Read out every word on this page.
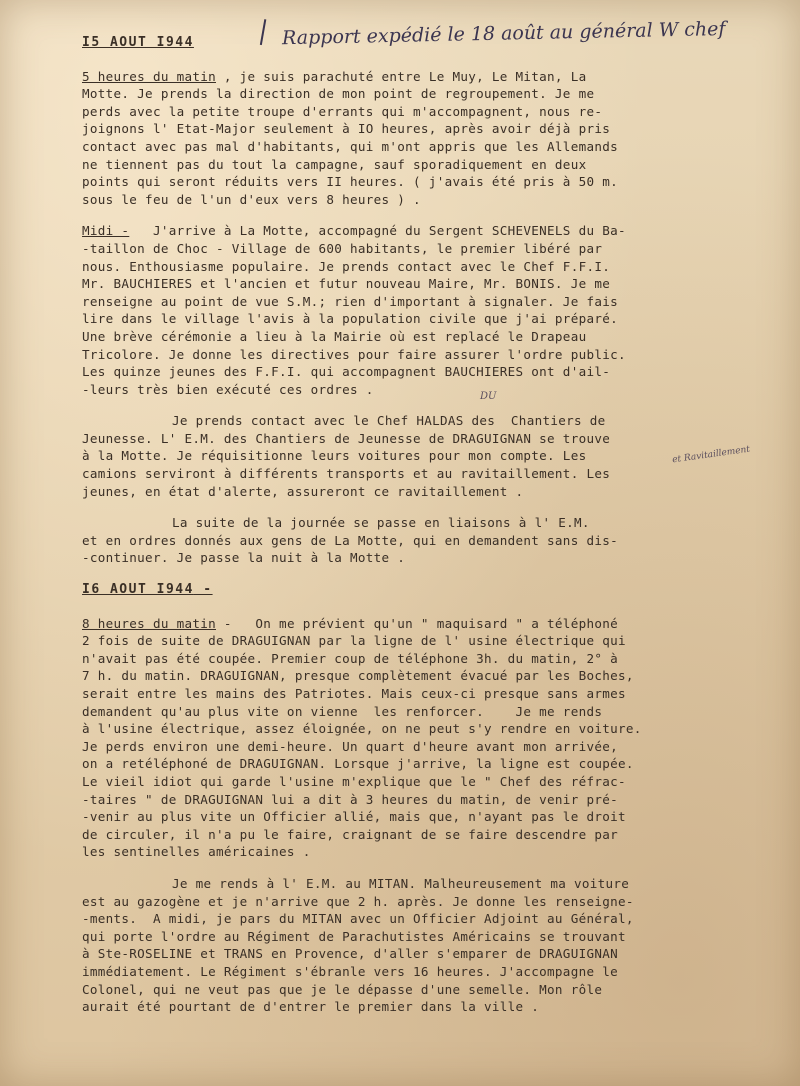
Rapport expédié le 18 août au général W chef
DU
et Ravitaillement
I5 AOUT I944
5 heures du matin , je suis parachuté entre Le Muy, Le Mitan, La
Motte. Je prends la direction de mon point de regroupement. Je me
perds avec la petite troupe d'errants qui m'accompagnent, nous re-
joignons l' Etat-Major seulement à IO heures, après avoir déjà pris
contact avec pas mal d'habitants, qui m'ont appris que les Allemands
ne tiennent pas du tout la campagne, sauf sporadiquement en deux
points qui seront réduits vers II heures. ( j'avais été pris à 50 m.
sous le feu de l'un d'eux vers 8 heures ) .
Midi -   J'arrive à La Motte, accompagné du Sergent SCHEVENELS du Ba-
-taillon de Choc - Village de 600 habitants, le premier libéré par
nous. Enthousiasme populaire. Je prends contact avec le Chef F.F.I.
Mr. BAUCHIERES et l'ancien et futur nouveau Maire, Mr. BONIS. Je me
renseigne au point de vue S.M.; rien d'important à signaler. Je fais
lire dans le village l'avis à la population civile que j'ai préparé.
Une brève cérémonie a lieu à la Mairie où est replacé le Drapeau
Tricolore. Je donne les directives pour faire assurer l'ordre public.
Les quinze jeunes des F.F.I. qui accompagnent BAUCHIERES ont d'ail-
-leurs très bien exécuté ces ordres .
Je prends contact avec le Chef HALDAS des  Chantiers de
Jeunesse. L' E.M. des Chantiers de Jeunesse de DRAGUIGNAN se trouve
à la Motte. Je réquisitionne leurs voitures pour mon compte. Les
camions serviront à différents transports et au ravitaillement. Les
jeunes, en état d'alerte, assureront ce ravitaillement .
La suite de la journée se passe en liaisons à l' E.M.
et en ordres donnés aux gens de La Motte, qui en demandent sans dis-
-continuer. Je passe la nuit à la Motte .
I6 AOUT I944 -
8 heures du matin -   On me prévient qu'un " maquisard " a téléphoné
2 fois de suite de DRAGUIGNAN par la ligne de l' usine électrique qui
n'avait pas été coupée. Premier coup de téléphone 3h. du matin, 2° à
7 h. du matin. DRAGUIGNAN, presque complètement évacué par les Boches,
serait entre les mains des Patriotes. Mais ceux-ci presque sans armes
demandent qu'au plus vite on vienne  les renforcer.    Je me rends
à l'usine électrique, assez éloignée, on ne peut s'y rendre en voiture.
Je perds environ une demi-heure. Un quart d'heure avant mon arrivée,
on a retéléphoné de DRAGUIGNAN. Lorsque j'arrive, la ligne est coupée.
Le vieil idiot qui garde l'usine m'explique que le " Chef des réfrac-
-taires " de DRAGUIGNAN lui a dit à 3 heures du matin, de venir pré-
-venir au plus vite un Officier allié, mais que, n'ayant pas le droit
de circuler, il n'a pu le faire, craignant de se faire descendre par
les sentinelles américaines .
Je me rends à l' E.M. au MITAN. Malheureusement ma voiture
est au gazogène et je n'arrive que 2 h. après. Je donne les renseigne-
-ments.  A midi, je pars du MITAN avec un Officier Adjoint au Général,
qui porte l'ordre au Régiment de Parachutistes Américains se trouvant
à Ste-ROSELINE et TRANS en Provence, d'aller s'emparer de DRAGUIGNAN
immédiatement. Le Régiment s'ébranle vers 16 heures. J'accompagne le
Colonel, qui ne veut pas que je le dépasse d'une semelle. Mon rôle
aurait été pourtant de d'entrer le premier dans la ville .
